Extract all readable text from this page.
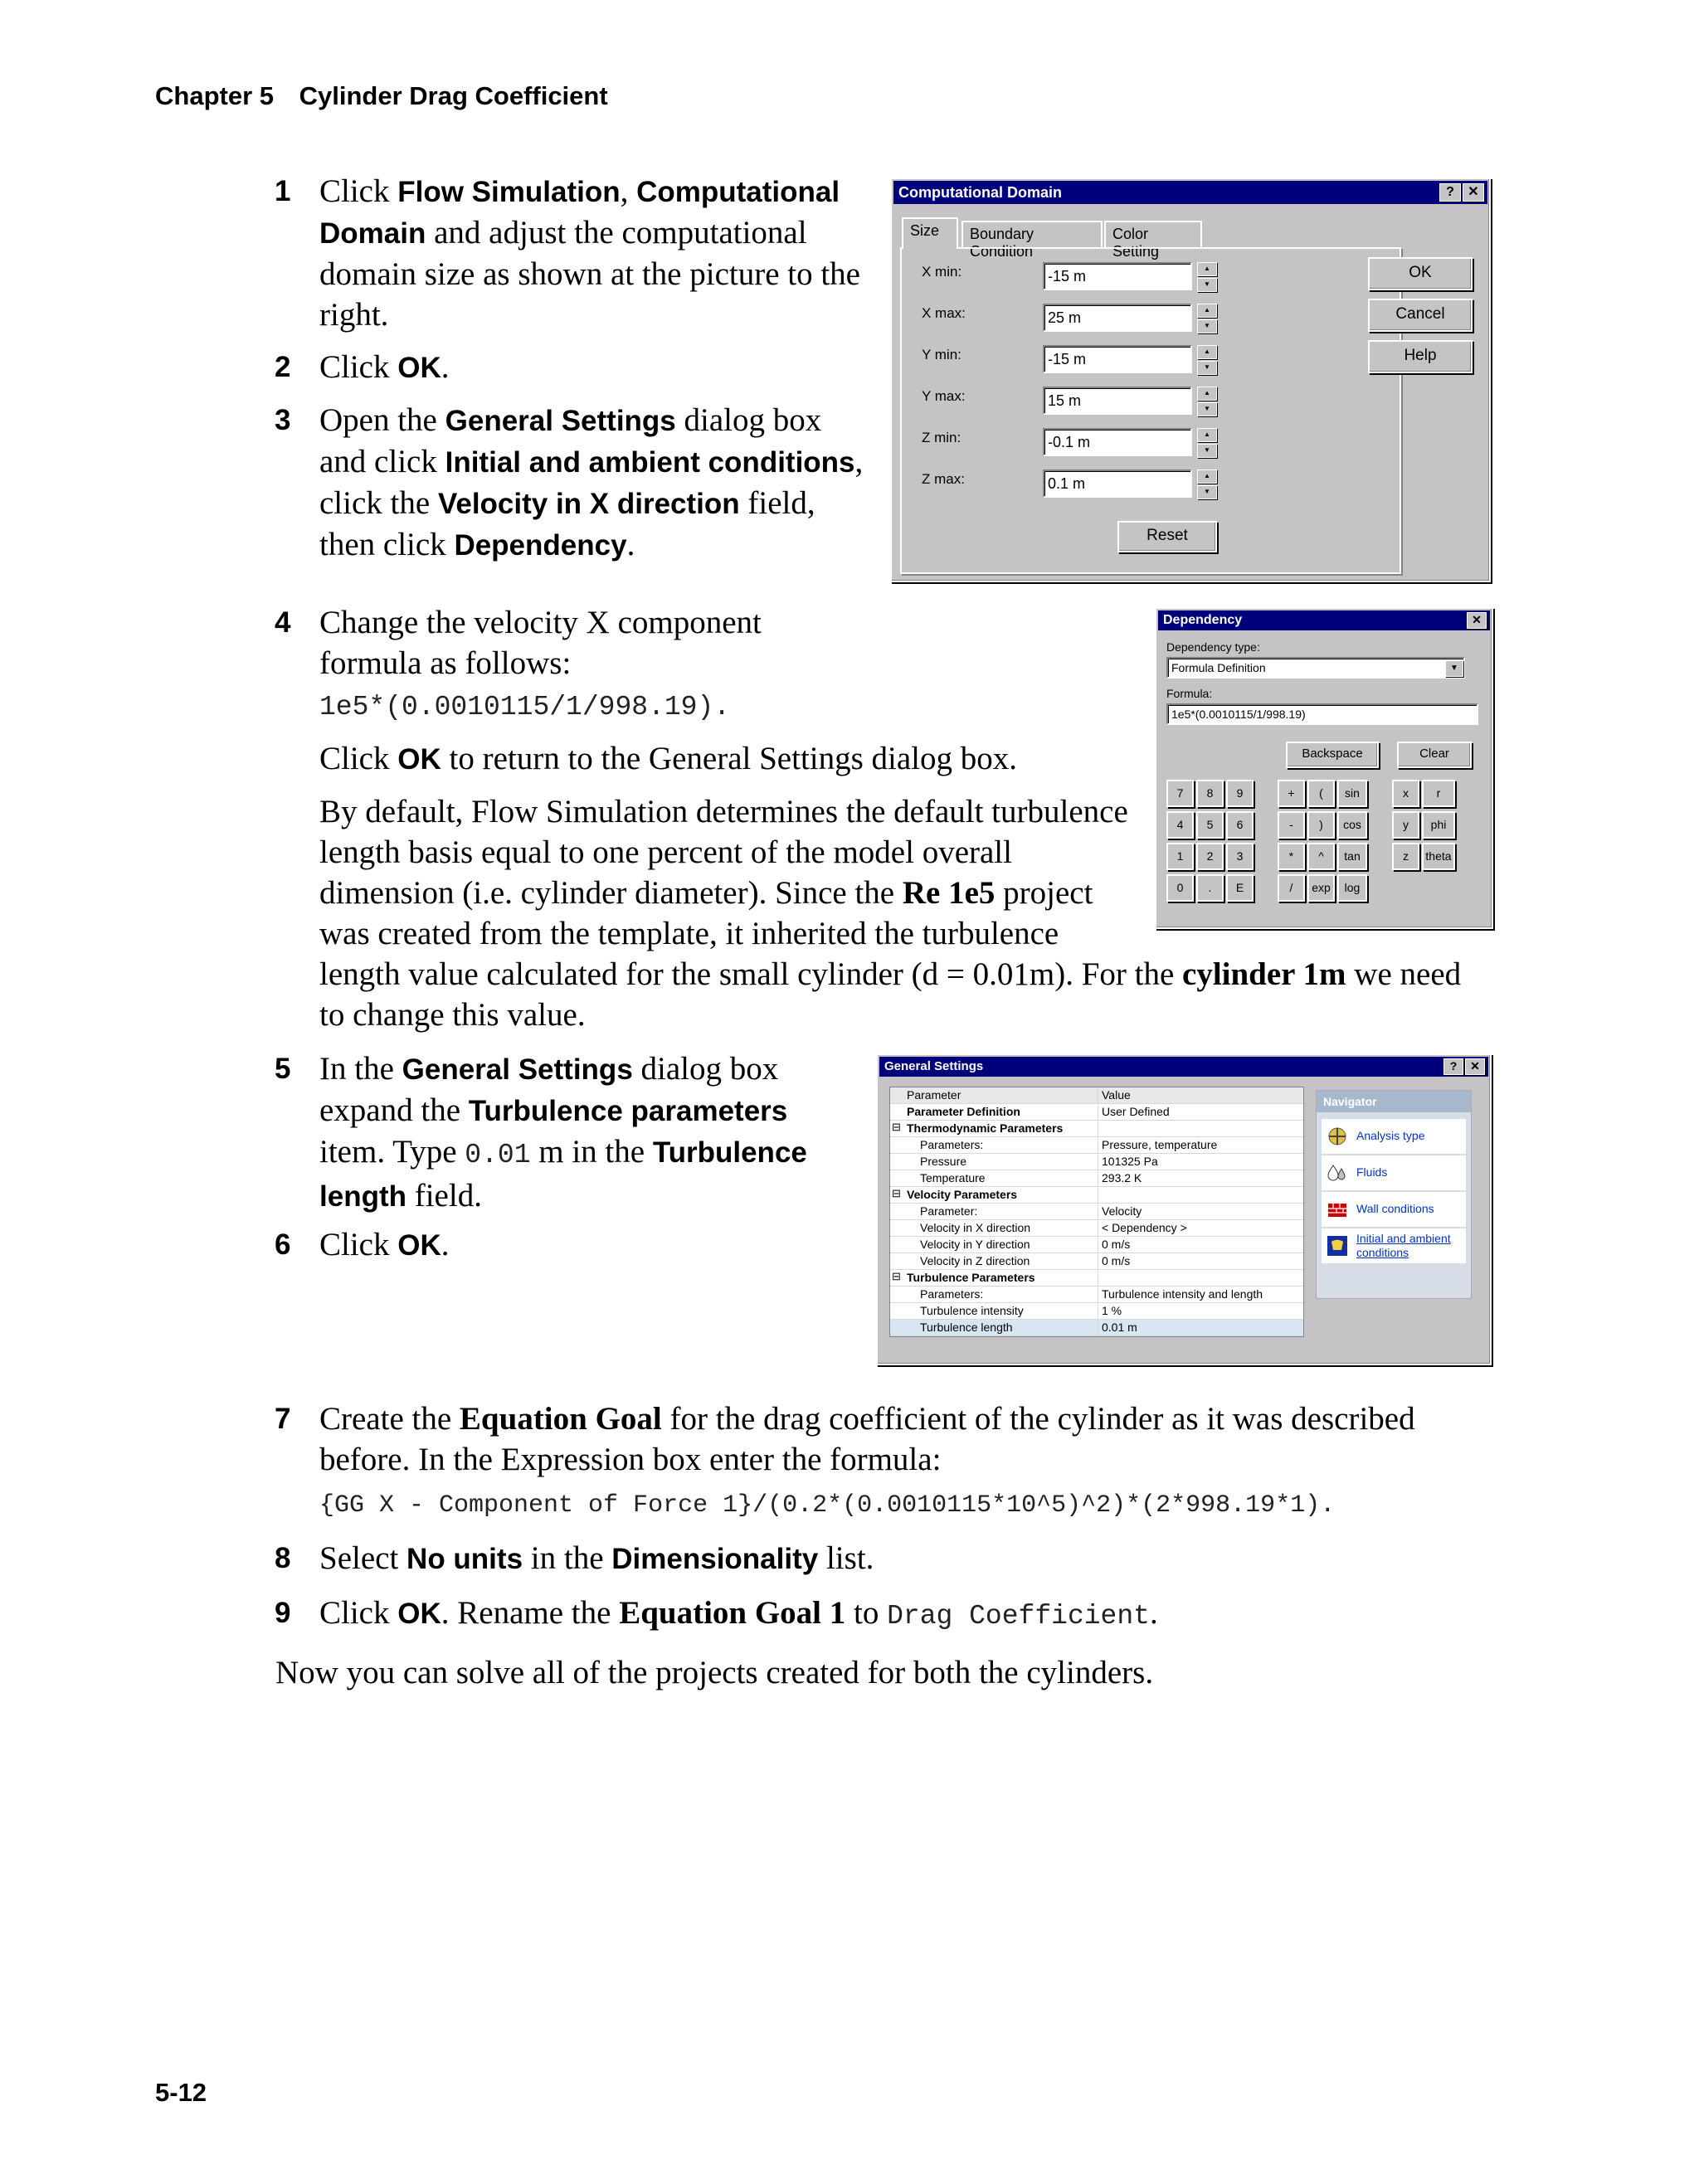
Chapter 5 Cylinder Drag Coefficient
1 Click Flow Simulation, Computational Domain and adjust the computational domain size as shown at the picture to the right.
2 Click OK.
3 Open the General Settings dialog box and click Initial and ambient conditions, click the Velocity in X direction field, then click Dependency.
4 Change the velocity X component formula as follows:
1e5*(0.0010115/1/998.19).
Click OK to return to the General Settings dialog box.
By default, Flow Simulation determines the default turbulence length basis equal to one percent of the model overall dimension (i.e. cylinder diameter). Since the Re 1e5 project was created from the template, it inherited the turbulence length value calculated for the small cylinder (d = 0.01m). For the cylinder 1m we need to change this value.
5 In the General Settings dialog box expand the Turbulence parameters item. Type 0.01 m in the Turbulence length field.
6 Click OK.
7 Create the Equation Goal for the drag coefficient of the cylinder as it was described before. In the Expression box enter the formula:
{GG X - Component of Force 1}/(0.2*(0.0010115*10^5)^2)*(2*998.19*1).
8 Select No units in the Dimensionality list.
9 Click OK. Rename the Equation Goal 1 to Drag Coefficient.
Now you can solve all of the projects created for both the cylinders.
5-12
Computational Domain	?	✕
Size	Boundary Condition
Color Setting
X min:	-15 m	▲
▼
X max:	25 m	▲
▼
Y min:	-15 m	▲
▼
Y max:	15 m	▲
▼
Z min:	-0.1 m	▲
▼
Z max:	0.1 m	▲
▼
Reset
OK
Cancel
Help
Dependency	✕
Dependency type:
Formula Definition	▼
Formula:
1e5*(0.0010115/1/998.19)
Backspace	Clear
7	8	9	+	(	sin	x	r
4	5	6	-	)	cos	y	phi
1	2	3	*	^	tan	z	theta
0	.	E	/	exp	log
General Settings	?	✕
Parameter	Value
Parameter Definition	User Defined
⊟ Thermodynamic Parameters
Parameters:	Pressure, temperature
Pressure	101325 Pa
Temperature	293.2 K
⊟ Velocity Parameters
Parameter:	Velocity
Velocity in X direction	< Dependency >
Velocity in Y direction	0 m/s
Velocity in Z direction	0 m/s
⊟ Turbulence Parameters
Parameters:	Turbulence intensity and length
Turbulence intensity	1 %
Turbulence length	0.01 m
Navigator
Analysis type
Fluids
Wall conditions
Initial and ambient conditions
